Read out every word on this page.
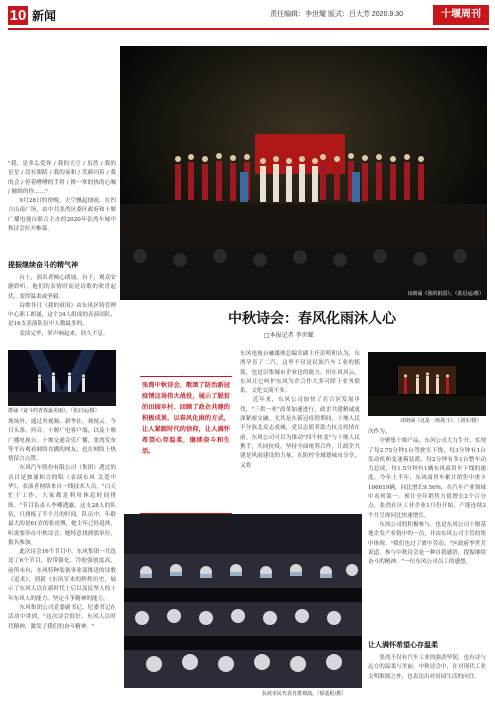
10 新闻	责任编辑：李世耀 版式：吕大芳 2020.9.30	十堰周刊
诗朗诵《我的祖国》。（张启运/摄）
"我，是多么爱你 / 我的天空 / 虽然 / 我的星星 / 没有眼睛 / 我的夜和 / 笑颜闪着 / 我的会 / 停着嘈嘈的手臂 / 搀一掌的热的心魄 / 缠绵的你……"
　　9月28日的傍晚，天空飘起细雨，在凹方山南广场，由中共张湾区委区政府和十堰广播电视台联合主办的2020年张湾车城中秋诗会拉开帷幕。
提振继续奋斗的精气神
　　台上，演出者倾心朗诵，台下，观众安静聆听，他们的表情时而是诗歌的欢喜起伏，变得温柔或坚毅。
　　诗歌非日《我的祖国》由东风区铸管理中心职工朗诵，这个34人组成的表演团队，是16支表演队伍中人数最多的。
　　表演完毕，掌声响起来，经久不息。
群诵《奋斗的青春最美丽》。（张启运/摄）
现场外，通过央视频、新华社、观视云、今日头条、抖音、十堰广电客户端，以及十堰广播电视台、十堰交通音乐广播、张湾发布等平台观看网络直播的网友，也在网络上热情留言点赞。
　　东风汽车股份有限公司（集团）透过的音目是独诵和合的唱《表演东风 关爱中华》，表演者网络来自一线技术人员。"白天忙于工作，大家都是利用休息时间排练。"节目负责人李卿透露，这支28人的队伍，只排练了半个月的时间。队员中，年龄最大的是61岁的张虎傅，她主年已经退休，听说要举办中秋诗会，她特意找到那单位，报名参加。
　　此次诗会16个节目中，东风集团一共选送了6个节目，胶带强化、冷胶强创度高，前所未有，东风特种装备事业部推送的诗歌《追求》，到新《东风军来的辉煌历史，展示了东风人以在新时代上后以及民坚人的十年东风人的能力、坚定斗争精神的能力。
　　东风集团公司党委副书记、纪委书记在活动中讲到，"这次诗会很好，东风人以时代精神，激发了我们的奋斗精神。"
中秋诗会：春风化雨沐人心
□本报记者 李世耀
张湾中秋诗会，歌颂了防治新冠疫情这场伟大战役，展示了脱贫的田园乡村、回顾了政企共建的积极成果、以春风化雨的方式，让人紧跟时代的信仰，让人满怀希望心存温柔，继续奋斗和生活。
东风电视台融媒体总编室副主任彭明和认为，东湾孕育了二汽，这里不仅是民族汽车工业的摇篮，也是以集城市企业也的能力，但在风风云，东风让它呵护东风为企合作大多可除于业务联系，文化交流不多。
　　近年来，东风公司加快了在合区发展步伐，"三供一业"改革加速进行，政企共建精诚更深紧密交融。尤其是在新冠疫情期间，十堰人民不分族北众志成城，党员志愿者助力抗击疫情在前。东风公司可以为推动"四个转变"与十堰人民携手，共同抗疫，坚持全面统筹合作，让政企共建是风雨建设的力量，在防控全域划城市分享，又将
诗朗诵《这是一场战斗》。（刘军/摄）
次作为。
　　全聚集十堰产品，东风公司大力生开，实现了每2.75分钟1台驾驶室下线，每3分钟有1台发动机和变速箱装派，每2分钟有多1台整车动力总成，每1.5分钟有1辆东风商用车下线的速度。今年上半年，东风商用车累计销售中重卡106619辆，同比增长9.56%，在汽车产业领域中名列第一。预计全年销售力值增长2个百分点，张湾社区工业企业1月份开始，产能连续3个月呈现同比快速增长。
　　东风公司的积极参与，也是东风公司十堰基地企发产业链中的一员，并由东风公司主管的集中体现。"我们也过了渡中劳动。"区政府李世芳说道，参与中秋诗会是一种自我感悟，提振继续奋斗的精神。"一位东风公司员工的感想。
让人满怀希望心存温柔
　　张湾不仅有汽车工业的强劲坚韧，也有诗与远方的温柔与美丽。中秋诗会中，在对现代工业文明歌颂之外，也表达出对田园生活的向往。
抗疫市民代表自排观演。（徐基伦/摄）
